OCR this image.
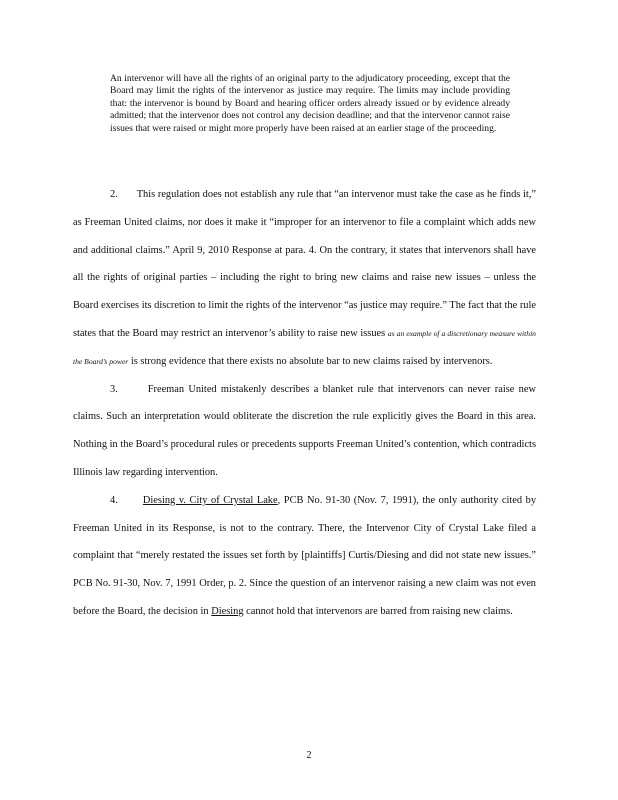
An intervenor will have all the rights of an original party to the adjudicatory proceeding, except that the Board may limit the rights of the intervenor as justice may require. The limits may include providing that: the intervenor is bound by Board and hearing officer orders already issued or by evidence already admitted; that the intervenor does not control any decision deadline; and that the intervenor cannot raise issues that were raised or might more properly have been raised at an earlier stage of the proceeding.

2. This regulation does not establish any rule that “an intervenor must take the case as he finds it,” as Freeman United claims, nor does it make it “improper for an intervenor to file a complaint which adds new and additional claims.” April 9, 2010 Response at para. 4. On the contrary, it states that intervenors shall have all the rights of original parties – including the right to bring new claims and raise new issues – unless the Board exercises its discretion to limit the rights of the intervenor “as justice may require.” The fact that the rule states that the Board may restrict an intervenor’s ability to raise new issues as an example of a discretionary measure within the Board’s power is strong evidence that there exists no absolute bar to new claims raised by intervenors.

3.	Freeman United mistakenly describes a blanket rule that intervenors can never raise new claims. Such an interpretation would obliterate the discretion the rule explicitly gives the Board in this area. Nothing in the Board’s procedural rules or precedents supports Freeman United’s contention, which contradicts Illinois law regarding intervention.

4. Diesing v. City of Crystal Lake, PCB No. 91-30 (Nov. 7, 1991), the only authority cited by Freeman United in its Response, is not to the contrary. There, the Intervenor City of Crystal Lake filed a complaint that “merely restated the issues set forth by [plaintiffs] Curtis/Diesing and did not state new issues.” PCB No. 91-30, Nov. 7, 1991 Order, p. 2. Since the question of an intervenor raising a new claim was not even before the Board, the decision in Diesing cannot hold that intervenors are barred from raising new claims.

2
